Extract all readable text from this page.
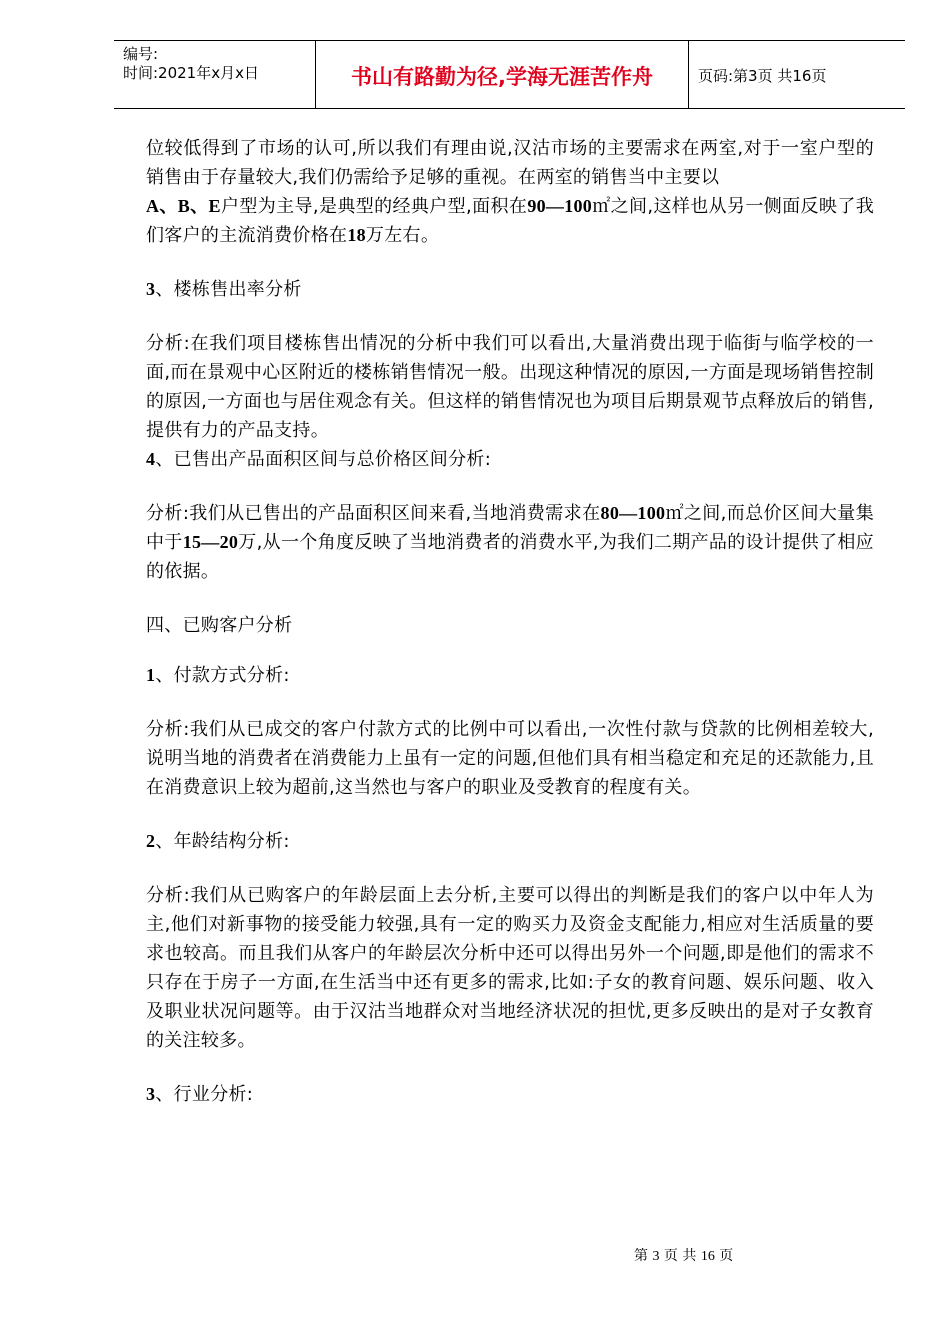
编号:
时间:2021年x月x日	书山有路勤为径,学海无涯苦作舟	页码:第3页 共16页

位较低得到了市场的认可,所以我们有理由说,汉沽市场的主要需求在两室,对于一室户型的销售由于存量较大,我们仍需给予足够的重视。在两室的销售当中主要以
A、B、E户型为主导,是典型的经典户型,面积在90—100㎡之间,这样也从另一侧面反映了我们客户的主流消费价格在18万左右。

3、楼栋售出率分析

分析:在我们项目楼栋售出情况的分析中我们可以看出,大量消费出现于临街与临学校的一面,而在景观中心区附近的楼栋销售情况一般。出现这种情况的原因,一方面是现场销售控制的原因,一方面也与居住观念有关。但这样的销售情况也为项目后期景观节点释放后的销售,提供有力的产品支持。

4、已售出产品面积区间与总价格区间分析:

分析:我们从已售出的产品面积区间来看,当地消费需求在80—100㎡之间,而总价区间大量集中于15—20万,从一个角度反映了当地消费者的消费水平,为我们二期产品的设计提供了相应的依据。

四、已购客户分析

1、付款方式分析:

分析:我们从已成交的客户付款方式的比例中可以看出,一次性付款与贷款的比例相差较大,说明当地的消费者在消费能力上虽有一定的问题,但他们具有相当稳定和充足的还款能力,且在消费意识上较为超前,这当然也与客户的职业及受教育的程度有关。

2、年龄结构分析:

分析:我们从已购客户的年龄层面上去分析,主要可以得出的判断是我们的客户以中年人为主,他们对新事物的接受能力较强,具有一定的购买力及资金支配能力,相应对生活质量的要求也较高。而且我们从客户的年龄层次分析中还可以得出另外一个问题,即是他们的需求不只存在于房子一方面,在生活当中还有更多的需求,比如:子女的教育问题、娱乐问题、收入及职业状况问题等。由于汉沽当地群众对当地经济状况的担忧,更多反映出的是对子女教育的关注较多。

3、行业分析:

第 3 页 共 16 页
